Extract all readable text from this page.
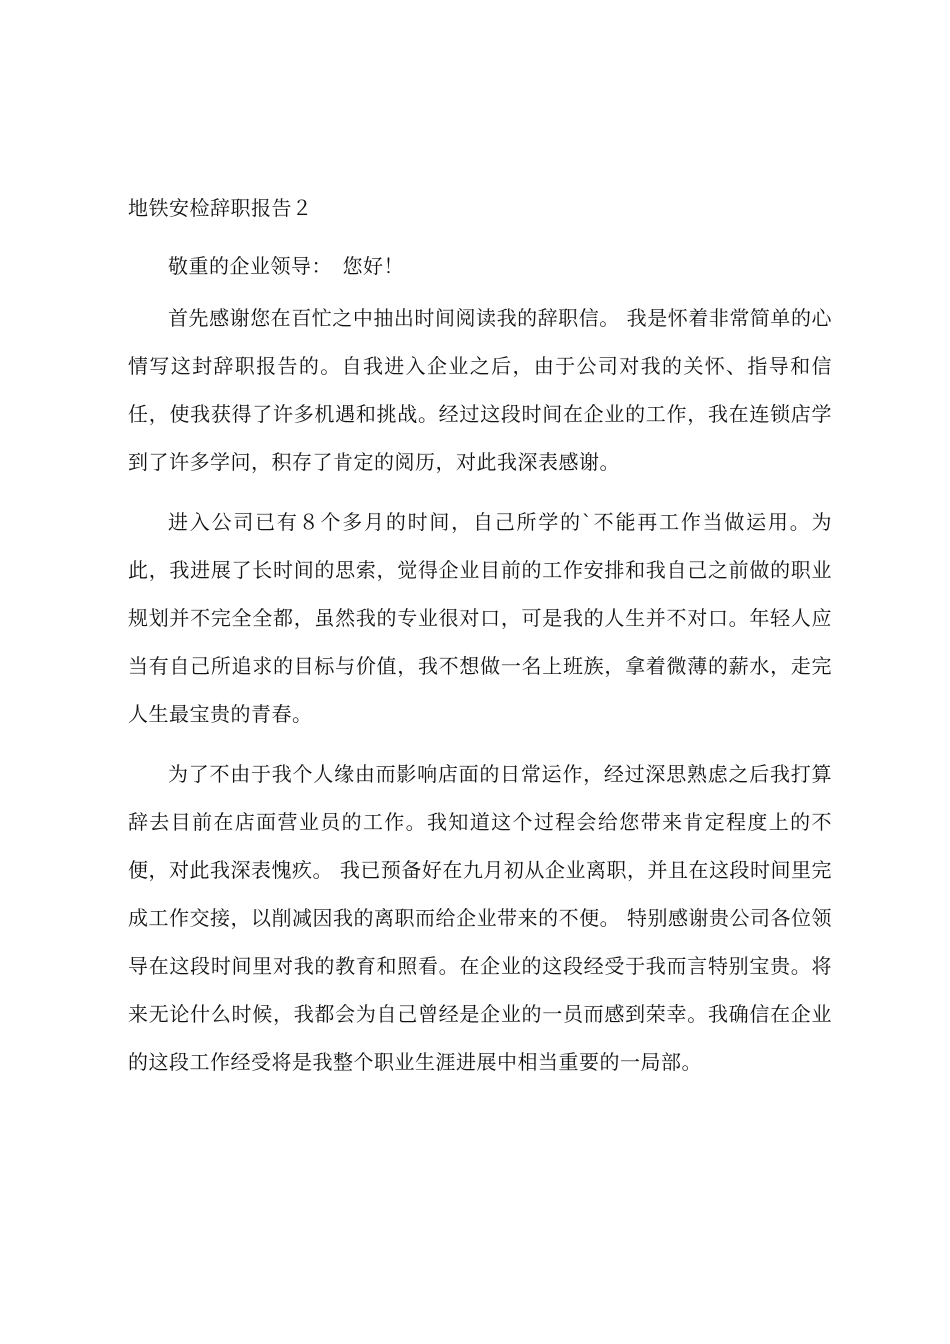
地铁安检辞职报告２

敬重的企业领导：　您好！

首先感谢您在百忙之中抽出时间阅读我的辞职信。 我是怀着非常简单的心情写这封辞职报告的。自我进入企业之后，由于公司对我的关怀、指导和信任，使我获得了许多机遇和挑战。经过这段时间在企业的工作，我在连锁店学到了许多学问，积存了肯定的阅历，对此我深表感谢。

进入公司已有８个多月的时间，自己所学的`不能再工作当做运用。为此，我进展了长时间的思索，觉得企业目前的工作安排和我自己之前做的职业规划并不完全全都，虽然我的专业很对口，可是我的人生并不对口。年轻人应当有自己所追求的目标与价值，我不想做一名上班族，拿着微薄的薪水，走完人生最宝贵的青春。

为了不由于我个人缘由而影响店面的日常运作，经过深思熟虑之后我打算辞去目前在店面营业员的工作。我知道这个过程会给您带来肯定程度上的不便，对此我深表愧疚。 我已预备好在九月初从企业离职，并且在这段时间里完成工作交接，以削减因我的离职而给企业带来的不便。 特别感谢贵公司各位领导在这段时间里对我的教育和照看。在企业的这段经受于我而言特别宝贵。将来无论什么时候，我都会为自己曾经是企业的一员而感到荣幸。我确信在企业的这段工作经受将是我整个职业生涯进展中相当重要的一局部。
